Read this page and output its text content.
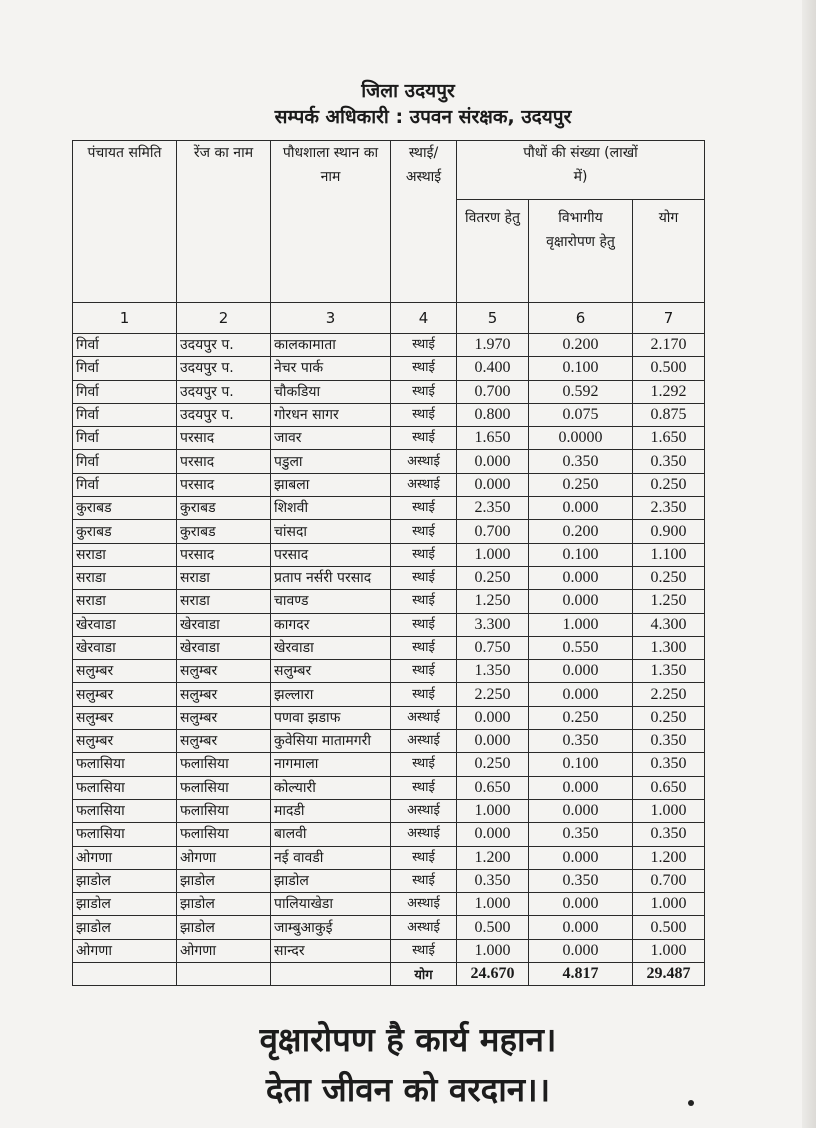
जिला उदयपुर
सम्पर्क अधिकारी : उपवन संरक्षक, उदयपुर
पंचायत समिति	रेंज का नाम	पौधशाला स्थान का नाम	स्थाई/ अस्थाई	पौधों की संख्या (लाखों में)		
				वितरण हेतु	विभागीय वृक्षारोपण हेतु	योग
1	2	3	4	5	6	7
गिर्वा	उदयपुर प.	कालकामाता	स्थाई	1.970	0.200	2.170
गिर्वा	उदयपुर प.	नेचर पार्क	स्थाई	0.400	0.100	0.500
गिर्वा	उदयपुर प.	चौकडिया	स्थाई	0.700	0.592	1.292
गिर्वा	उदयपुर प.	गोरधन सागर	स्थाई	0.800	0.075	0.875
गिर्वा	परसाद	जावर	स्थाई	1.650	0.0000	1.650
गिर्वा	परसाद	पडुला	अस्थाई	0.000	0.350	0.350
गिर्वा	परसाद	झाबला	अस्थाई	0.000	0.250	0.250
कुराबड	कुराबड	शिशवी	स्थाई	2.350	0.000	2.350
कुराबड	कुराबड	चांसदा	स्थाई	0.700	0.200	0.900
सराडा	परसाद	परसाद	स्थाई	1.000	0.100	1.100
सराडा	सराडा	प्रताप नर्सरी परसाद	स्थाई	0.250	0.000	0.250
सराडा	सराडा	चावण्ड	स्थाई	1.250	0.000	1.250
खेरवाडा	खेरवाडा	कागदर	स्थाई	3.300	1.000	4.300
खेरवाडा	खेरवाडा	खेरवाडा	स्थाई	0.750	0.550	1.300
सलुम्बर	सलुम्बर	सलुम्बर	स्थाई	1.350	0.000	1.350
सलुम्बर	सलुम्बर	झल्लारा	स्थाई	2.250	0.000	2.250
सलुम्बर	सलुम्बर	पणवा झडाफ	अस्थाई	0.000	0.250	0.250
सलुम्बर	सलुम्बर	कुवेसिया मातामगरी	अस्थाई	0.000	0.350	0.350
फलासिया	फलासिया	नागमाला	स्थाई	0.250	0.100	0.350
फलासिया	फलासिया	कोल्यारी	स्थाई	0.650	0.000	0.650
फलासिया	फलासिया	मादडी	अस्थाई	1.000	0.000	1.000
फलासिया	फलासिया	बालवी	अस्थाई	0.000	0.350	0.350
ओगणा	ओगणा	नई वावडी	स्थाई	1.200	0.000	1.200
झाडोल	झाडोल	झाडोल	स्थाई	0.350	0.350	0.700
झाडोल	झाडोल	पालियाखेडा	अस्थाई	1.000	0.000	1.000
झाडोल	झाडोल	जाम्बुआकुई	अस्थाई	0.500	0.000	0.500
ओगणा	ओगणा	सान्दर	स्थाई	1.000	0.000	1.000
			योग	24.670	4.817	29.487
वृक्षारोपण है कार्य महान।
देता जीवन को वरदान।।
